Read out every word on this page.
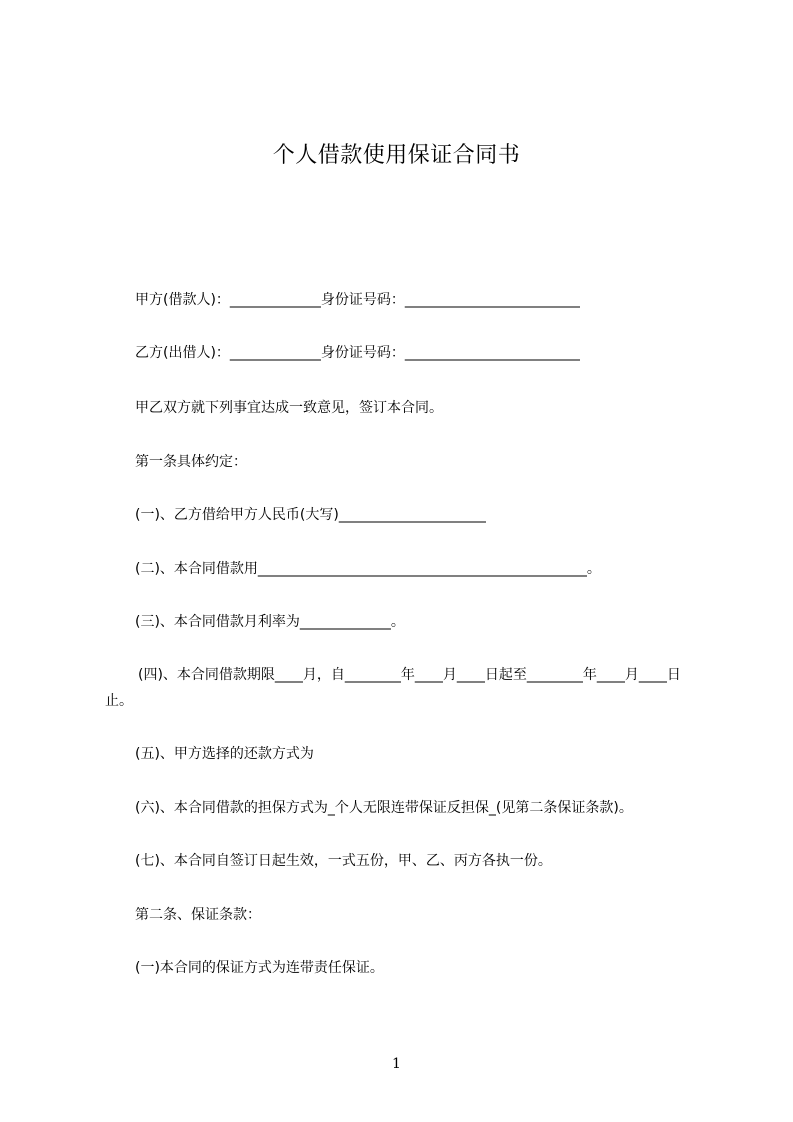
个人借款使用保证合同书
甲方(借款人)：_____________身份证号码：_________________________
乙方(出借人)：_____________身份证号码：_________________________
甲乙双方就下列事宜达成一致意见，签订本合同。
第一条具体约定：
(一)、乙方借给甲方人民币(大写)_____________________
(二)、本合同借款用_______________________________________________。
(三)、本合同借款月利率为_____________。
(四)、本合同借款期限____月，自________年____月____日起至________年____月____日止。
(五)、甲方选择的还款方式为
(六)、本合同借款的担保方式为_个人无限连带保证反担保_(见第二条保证条款)。
(七)、本合同自签订日起生效，一式五份，甲、乙、丙方各执一份。
第二条、保证条款：
(一)本合同的保证方式为连带责任保证。
1
